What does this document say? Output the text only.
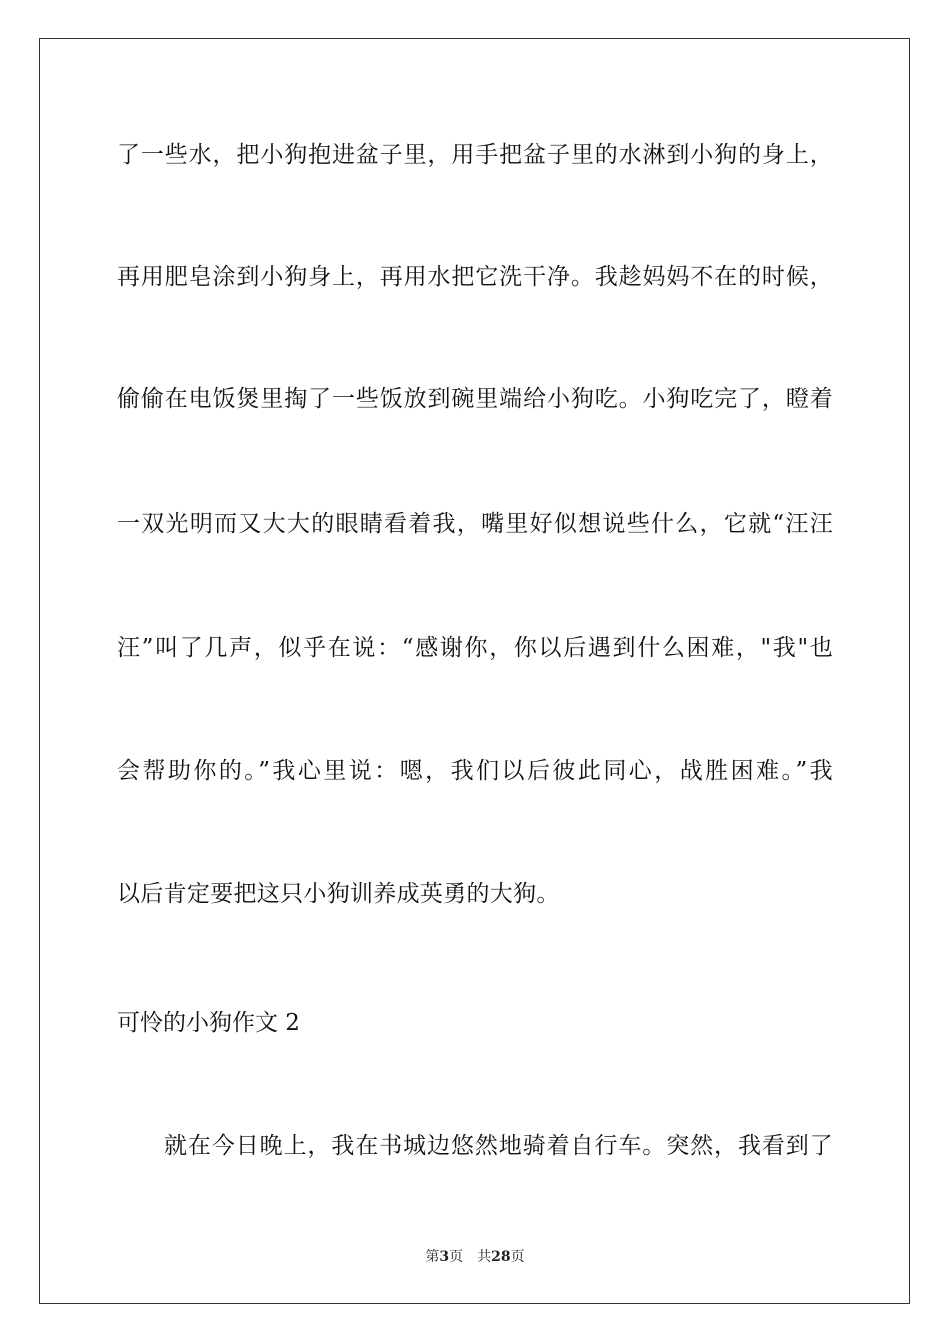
了一些水，把小狗抱进盆子里，用手把盆子里的水淋到小狗的身上，
再用肥皂涂到小狗身上，再用水把它洗干净。我趁妈妈不在的时候，
偷偷在电饭煲里掏了一些饭放到碗里端给小狗吃。小狗吃完了，瞪着
一双光明而又大大的眼睛看着我，嘴里好似想说些什么，它就“汪汪
汪”叫了几声，似乎在说：“感谢你，你以后遇到什么困难，"我"也
会帮助你的。”我心里说：嗯，我们以后彼此同心，战胜困难。”我
以后肯定要把这只小狗训养成英勇的大狗。
可怜的小狗作文 2
就在今日晚上，我在书城边悠然地骑着自行车。突然，我看到了
第3页 共28页
